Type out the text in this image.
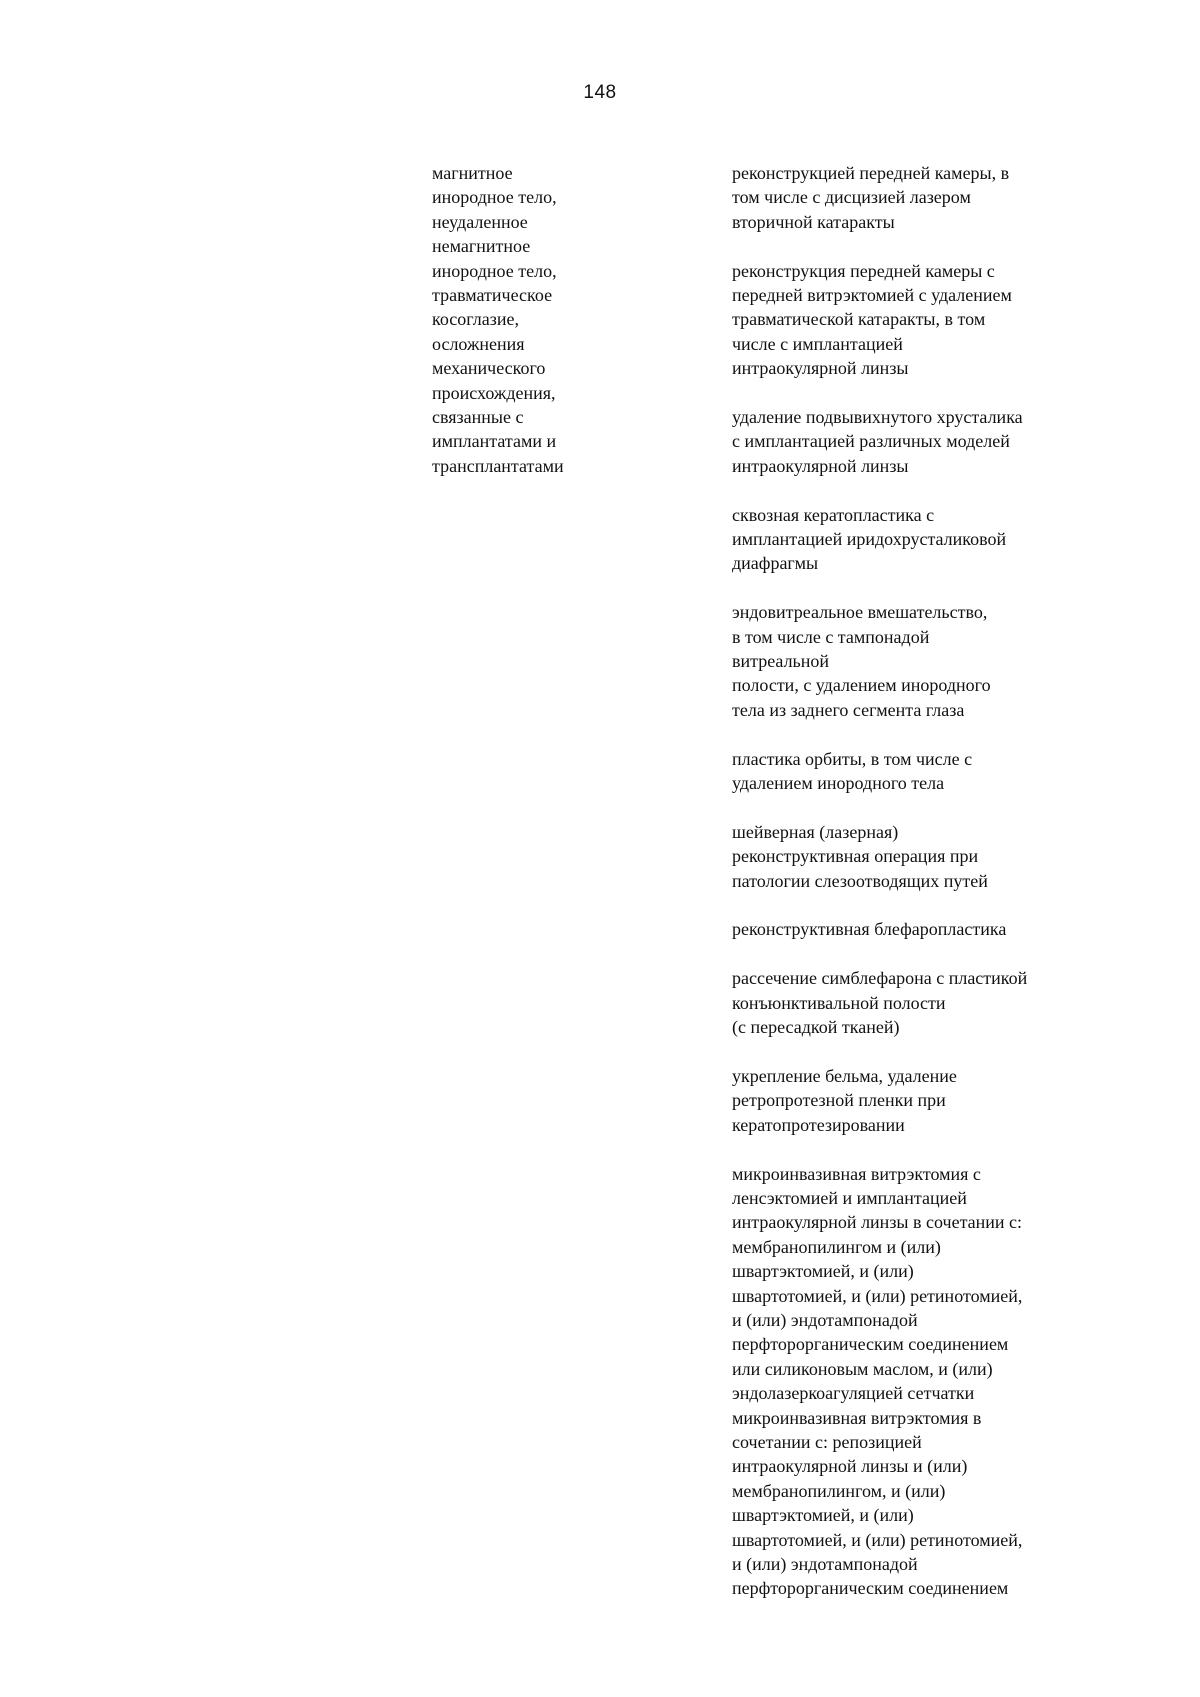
148
магнитное
инородное тело,
неудаленное
немагнитное
инородное тело,
травматическое
косоглазие,
осложнения
механического
происхождения,
связанные с
имплантатами и
трансплантатами
реконструкцией передней камеры, в
том числе с дисцизией лазером
вторичной катаракты
реконструкция передней камеры с
передней витрэктомией с удалением
травматической катаракты, в том
числе с имплантацией
интраокулярной линзы
удаление подвывихнутого хрусталика
с имплантацией различных моделей
интраокулярной линзы
сквозная кератопластика с
имплантацией иридохрусталиковой
диафрагмы
эндовитреальное вмешательство,
в том числе с тампонадой
витреальной
полости, с удалением инородного
тела из заднего сегмента глаза
пластика орбиты, в том числе с
удалением инородного тела
шейверная (лазерная)
реконструктивная операция при
патологии слезоотводящих путей
реконструктивная блефаропластика
рассечение симблефарона с пластикой
конъюнктивальной полости
(с пересадкой тканей)
укрепление бельма, удаление
ретропротезной пленки при
кератопротезировании
микроинвазивная витрэктомия с
ленсэктомией и имплантацией
интраокулярной линзы в сочетании с:
мембранопилингом и (или)
швартэктомией, и (или)
швартотомией, и (или) ретинотомией,
и (или) эндотампонадой
перфторорганическим соединением
или силиконовым маслом, и (или)
эндолазеркоагуляцией сетчатки
микроинвазивная витрэктомия в
сочетании с: репозицией
интраокулярной линзы и (или)
мембранопилингом, и (или)
швартэктомией, и (или)
швартотомией, и (или) ретинотомией,
и (или) эндотампонадой
перфторорганическим соединением
